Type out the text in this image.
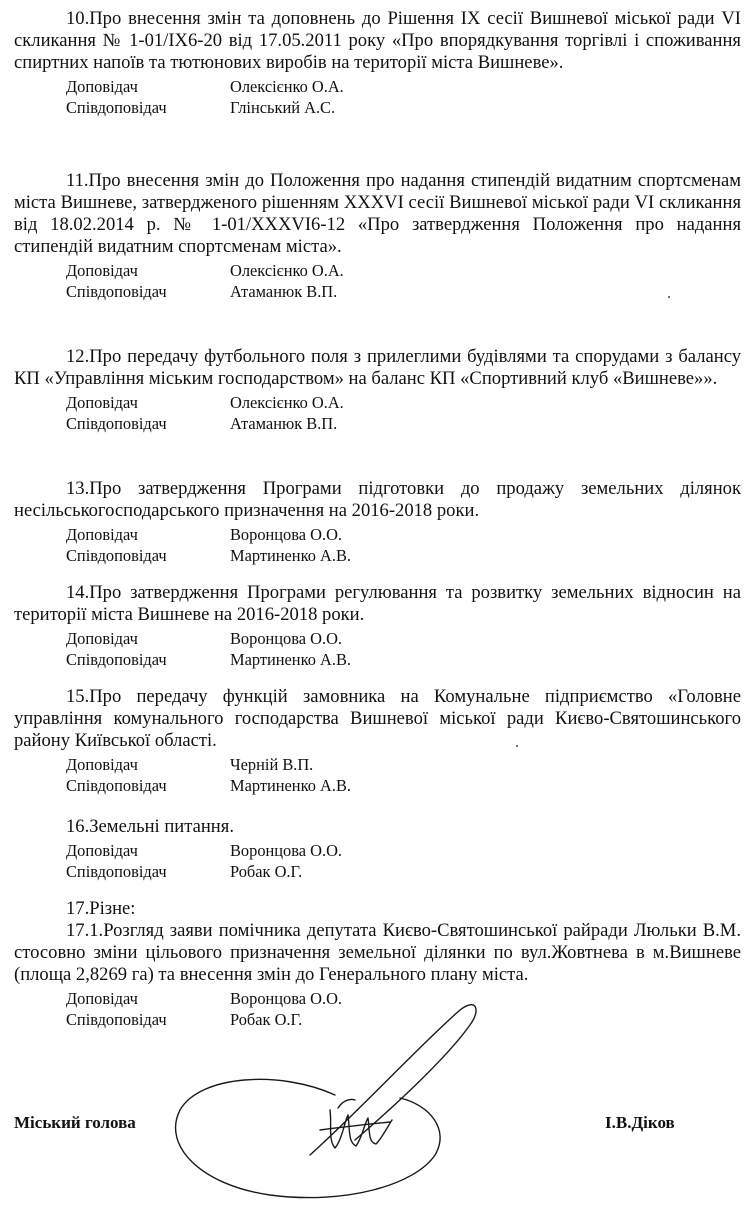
10.Про внесення змін та доповнень до Рішення IX сесії Вишневої міської ради VI скликання № 1-01/IX6-20 від 17.05.2011 року «Про впорядкування торгівлі і споживання спиртних напоїв та тютюнових виробів на території міста Вишневе».

Доповідач	Олексієнко О.А.
Співдоповідач	Глінський А.С.

11.Про внесення змін до Положення про надання стипендій видатним спортсменам міста Вишневе, затвердженого рішенням XXXVI сесії Вишневої міської ради VI скликання від 18.02.2014 р. № 1-01/XXXVI6-12 «Про затвердження Положення про надання стипендій видатним спортсменам міста».

Доповідач	Олексієнко О.А.
Співдоповідач	Атаманюк В.П.

12.Про передачу футбольного поля з прилеглими будівлями та спорудами з балансу КП «Управління міським господарством» на баланс КП «Спортивний клуб «Вишневе»».

Доповідач	Олексієнко О.А.
Співдоповідач	Атаманюк В.П.

13.Про затвердження Програми підготовки до продажу земельних ділянок несільськогосподарського призначення на 2016-2018 роки.

Доповідач	Воронцова О.О.
Співдоповідач	Мартиненко А.В.

14.Про затвердження Програми регулювання та розвитку земельних відносин на території міста Вишневе на 2016-2018 роки.

Доповідач	Воронцова О.О.
Співдоповідач	Мартиненко А.В.

15.Про передачу функцій замовника на Комунальне підприємство «Головне управління комунального господарства Вишневої міської ради Києво-Святошинського району Київської області.

Доповідач	Черній В.П.
Співдоповідач	Мартиненко А.В.

16.Земельні питання.

Доповідач	Воронцова О.О.
Співдоповідач	Робак О.Г.

17.Різне:

17.1.Розгляд заяви помічника депутата Києво-Святошинської райради Люльки В.М. стосовно зміни цільового призначення земельної ділянки по вул.Жовтнева в м.Вишневе (площа 2,8269 га) та внесення змін до Генерального плану міста.

Доповідач	Воронцова О.О.
Співдоповідач	Робак О.Г.
Міський голова	І.В.Діков
